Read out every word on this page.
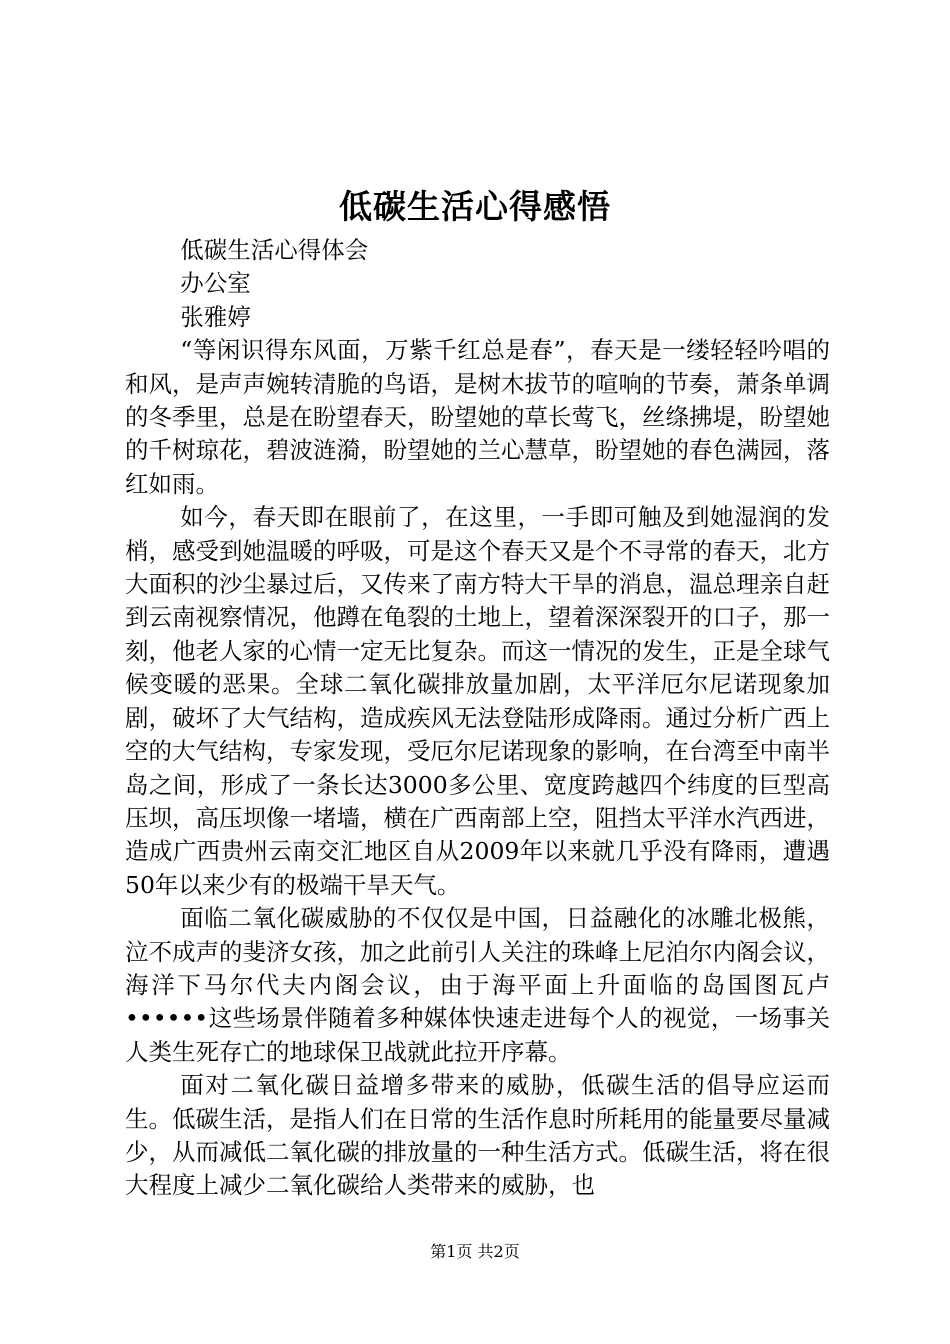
低碳生活心得感悟

低碳生活心得体会

办公室

张雅婷

“等闲识得东风面，万紫千红总是春”，春天是一缕轻轻吟唱的和风，是声声婉转清脆的鸟语，是树木拔节的喧响的节奏，萧条单调的冬季里，总是在盼望春天，盼望她的草长莺飞，丝绦拂堤，盼望她的千树琼花，碧波涟漪，盼望她的兰心慧草，盼望她的春色满园，落红如雨。

如今，春天即在眼前了，在这里，一手即可触及到她湿润的发梢，感受到她温暖的呼吸，可是这个春天又是个不寻常的春天，北方大面积的沙尘暴过后，又传来了南方特大干旱的消息，温总理亲自赶到云南视察情况，他蹲在龟裂的土地上，望着深深裂开的口子，那一刻，他老人家的心情一定无比复杂。而这一情况的发生，正是全球气候变暖的恶果。全球二氧化碳排放量加剧，太平洋厄尔尼诺现象加剧，破坏了大气结构，造成疾风无法登陆形成降雨。通过分析广西上空的大气结构，专家发现，受厄尔尼诺现象的影响，在台湾至中南半岛之间，形成了一条长达3000多公里、宽度跨越四个纬度的巨型高压坝，高压坝像一堵墙，横在广西南部上空，阻挡太平洋水汽西进，造成广西贵州云南交汇地区自从2009年以来就几乎没有降雨，遭遇50年以来少有的极端干旱天气。

面临二氧化碳威胁的不仅仅是中国，日益融化的冰雕北极熊，泣不成声的斐济女孩，加之此前引人关注的珠峰上尼泊尔内阁会议，海洋下马尔代夫内阁会议，由于海平面上升面临的岛国图瓦卢••••••这些场景伴随着多种媒体快速走进每个人的视觉，一场事关人类生死存亡的地球保卫战就此拉开序幕。

面对二氧化碳日益增多带来的威胁，低碳生活的倡导应运而生。低碳生活，是指人们在日常的生活作息时所耗用的能量要尽量减少，从而减低二氧化碳的排放量的一种生活方式。低碳生活，将在很大程度上减少二氧化碳给人类带来的威胁，也

第1页 共2页
